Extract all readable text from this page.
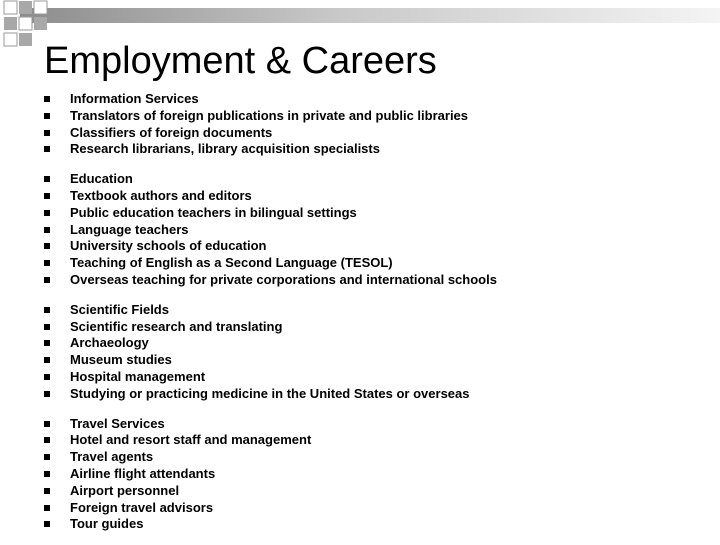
Employment & Careers
Information Services
Translators of foreign publications in private and public libraries
Classifiers of foreign documents
Research librarians, library acquisition specialists
Education
Textbook authors and editors
Public education teachers in bilingual settings
Language teachers
University schools of education
Teaching of English as a Second Language (TESOL)
Overseas teaching for private corporations and international schools
Scientific Fields
Scientific research and translating
Archaeology
Museum studies
Hospital management
Studying or practicing medicine in the United States or overseas
Travel Services
Hotel and resort staff and management
Travel agents
Airline flight attendants
Airport personnel
Foreign travel advisors
Tour guides
